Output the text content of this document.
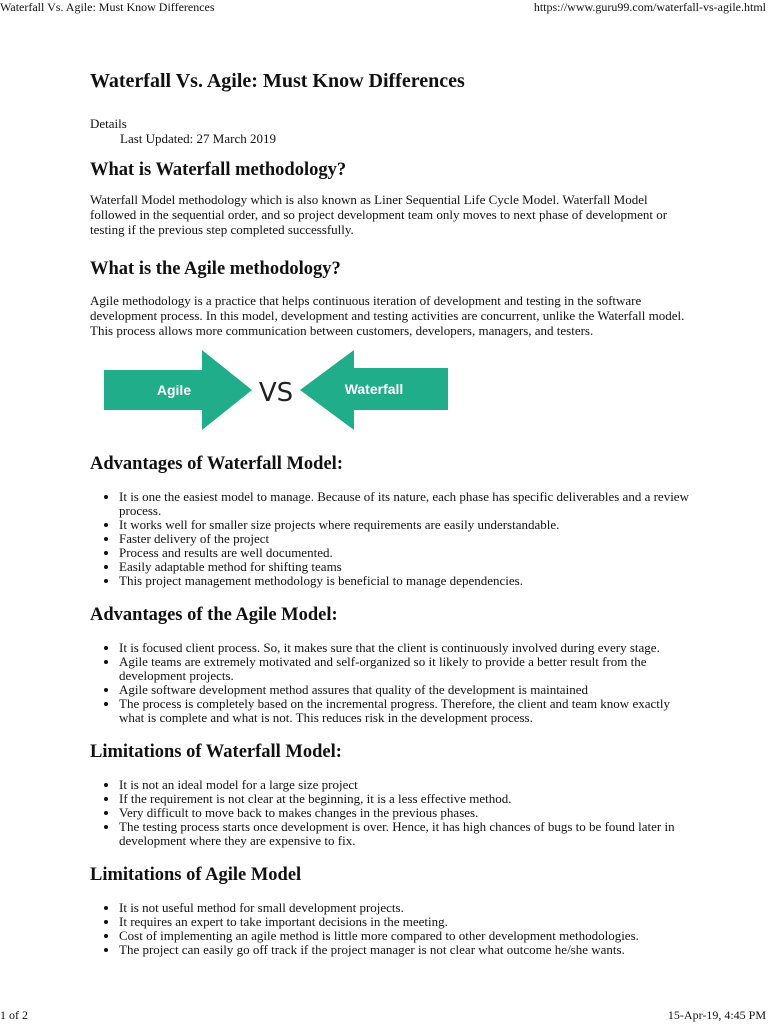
Waterfall Vs. Agile: Must Know Differences	https://www.guru99.com/waterfall-vs-agile.html
Waterfall Vs. Agile: Must Know Differences
Details
Last Updated: 27 March 2019
What is Waterfall methodology?

Waterfall Model methodology which is also known as Liner Sequential Life Cycle Model. Waterfall Model followed in the sequential order, and so project development team only moves to next phase of development or testing if the previous step completed successfully.

What is the Agile methodology?

Agile methodology is a practice that helps continuous iteration of development and testing in the software development process. In this model, development and testing activities are concurrent, unlike the Waterfall model. This process allows more communication between customers, developers, managers, and testers.

Advantages of Waterfall Model:
• It is one the easiest model to manage. Because of its nature, each phase has specific deliverables and a review process.
• It works well for smaller size projects where requirements are easily understandable.
• Faster delivery of the project
• Process and results are well documented.
• Easily adaptable method for shifting teams
• This project management methodology is beneficial to manage dependencies.
Advantages of the Agile Model:
• It is focused client process. So, it makes sure that the client is continuously involved during every stage.
• Agile teams are extremely motivated and self-organized so it likely to provide a better result from the development projects.
• Agile software development method assures that quality of the development is maintained
• The process is completely based on the incremental progress. Therefore, the client and team know exactly what is complete and what is not. This reduces risk in the development process.
Limitations of Waterfall Model:
• It is not an ideal model for a large size project
• If the requirement is not clear at the beginning, it is a less effective method.
• Very difficult to move back to makes changes in the previous phases.
• The testing process starts once development is over. Hence, it has high chances of bugs to be found later in development where they are expensive to fix.
Limitations of Agile Model
• It is not useful method for small development projects.
• It requires an expert to take important decisions in the meeting.
• Cost of implementing an agile method is little more compared to other development methodologies.
• The project can easily go off track if the project manager is not clear what outcome he/she wants.
Agile	VS	Waterfall
1 of 2	15-Apr-19, 4:45 PM
